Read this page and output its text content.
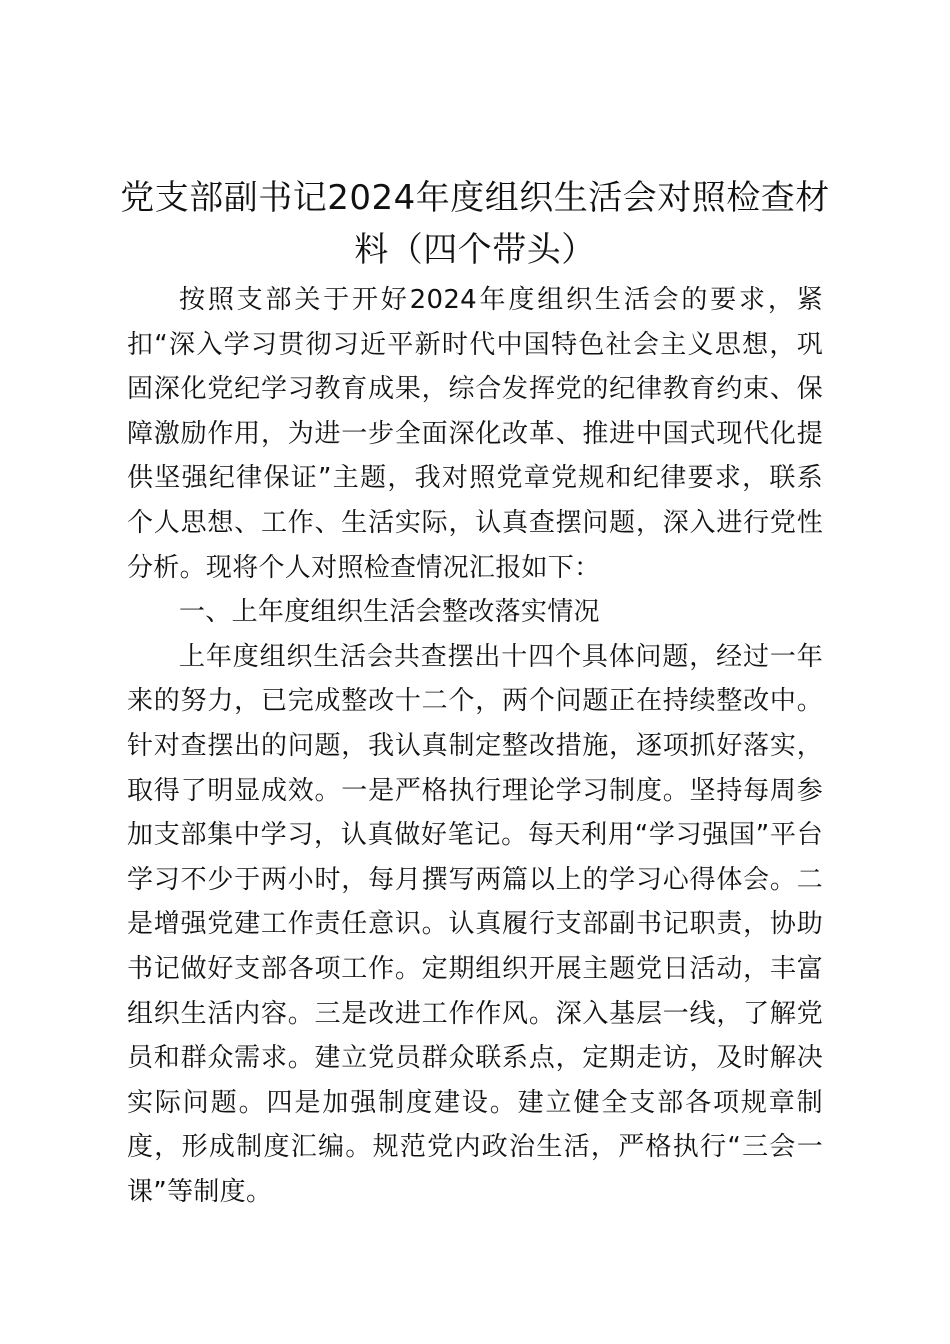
党支部副书记2024年度组织生活会对照检查材料（四个带头）

按照支部关于开好2024年度组织生活会的要求，紧扣“深入学习贯彻习近平新时代中国特色社会主义思想，巩固深化党纪学习教育成果，综合发挥党的纪律教育约束、保障激励作用，为进一步全面深化改革、推进中国式现代化提供坚强纪律保证”主题，我对照党章党规和纪律要求，联系个人思想、工作、生活实际，认真查摆问题，深入进行党性分析。现将个人对照检查情况汇报如下：

一、上年度组织生活会整改落实情况

上年度组织生活会共查摆出十四个具体问题，经过一年来的努力，已完成整改十二个，两个问题正在持续整改中。针对查摆出的问题，我认真制定整改措施，逐项抓好落实，取得了明显成效。一是严格执行理论学习制度。坚持每周参加支部集中学习，认真做好笔记。每天利用“学习强国”平台学习不少于两小时，每月撰写两篇以上的学习心得体会。二是增强党建工作责任意识。认真履行支部副书记职责，协助书记做好支部各项工作。定期组织开展主题党日活动，丰富组织生活内容。三是改进工作作风。深入基层一线，了解党员和群众需求。建立党员群众联系点，定期走访，及时解决实际问题。四是加强制度建设。建立健全支部各项规章制度，形成制度汇编。规范党内政治生活，严格执行“三会一课”等制度。
